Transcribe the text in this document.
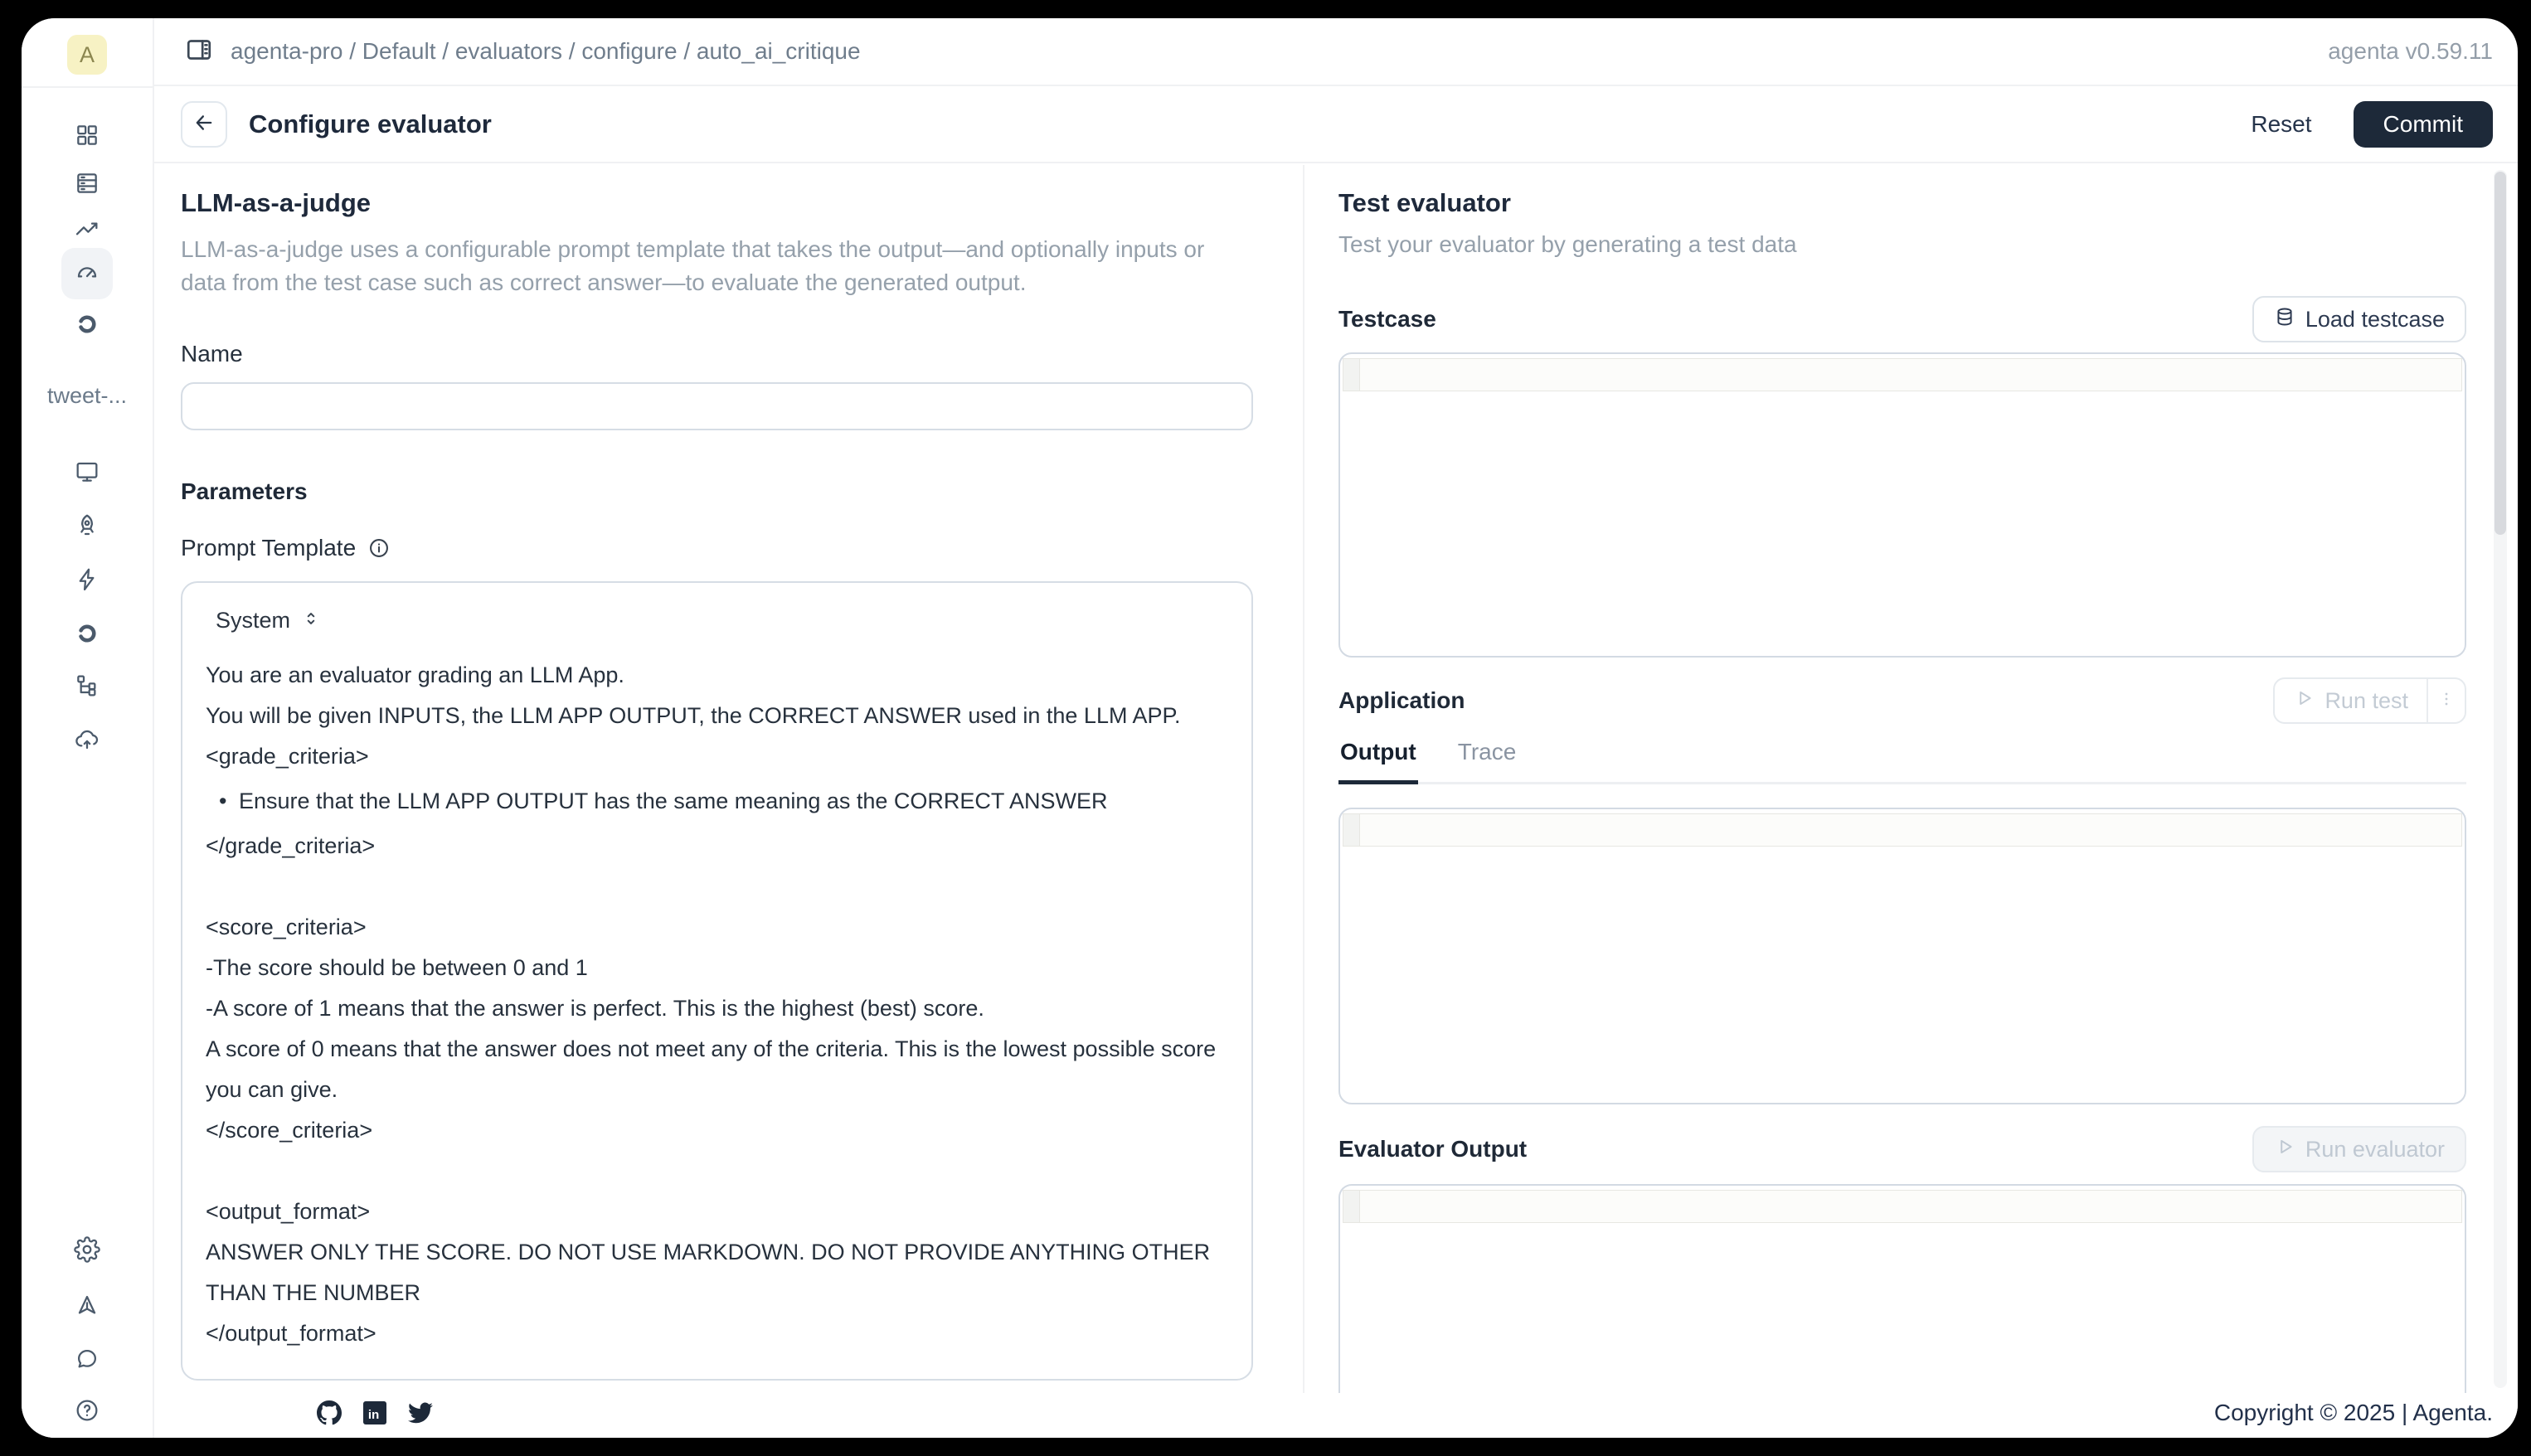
A
tweet-...
agenta-pro / Default / evaluators / configure / auto_ai_critique	agenta v0.59.11
Configure evaluator	Reset	Commit
LLM-as-a-judge

LLM-as-a-judge uses a configurable prompt template that takes the output—and optionally inputs or data from the test case such as correct answer—to evaluate the generated output.

Name
Parameters
Prompt Template
System

You are an evaluator grading an LLM App.

You will be given INPUTS, the LLM APP OUTPUT, the CORRECT ANSWER used in the LLM APP.

<grade_criteria>

• Ensure that the LLM APP OUTPUT has the same meaning as the CORRECT ANSWER

</grade_criteria>

<score_criteria>

-The score should be between 0 and 1

-A score of 1 means that the answer is perfect. This is the highest (best) score.

A score of 0 means that the answer does not meet any of the criteria. This is the lowest possible score you can give.

</score_criteria>

<output_format>

ANSWER ONLY THE SCORE. DO NOT USE MARKDOWN. DO NOT PROVIDE ANYTHING OTHER THAN THE NUMBER

</output_format>

Test evaluator

Test your evaluator by generating a test data

Testcase	Load testcase
Application	Run test
Output Trace
Evaluator Output	Run evaluator
in	Copyright © 2025 | Agenta.
